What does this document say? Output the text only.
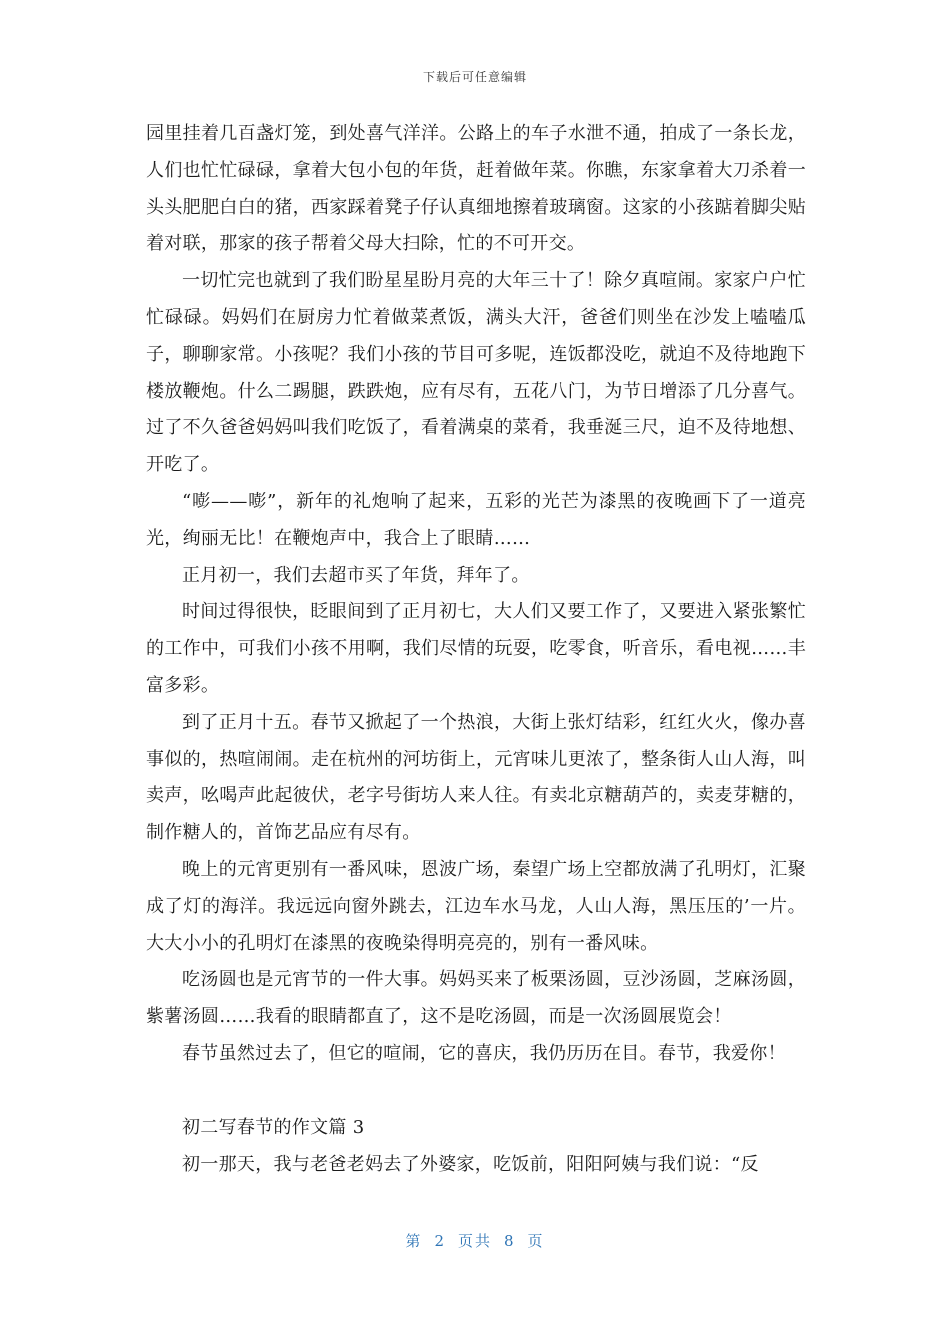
下载后可任意编辑

园里挂着几百盏灯笼，到处喜气洋洋。公路上的车子水泄不通，拍成了一条长龙，人们也忙忙碌碌，拿着大包小包的年货，赶着做年菜。你瞧，东家拿着大刀杀着一头头肥肥白白的猪，西家踩着凳子仔认真细地擦着玻璃窗。这家的小孩踮着脚尖贴着对联，那家的孩子帮着父母大扫除，忙的不可开交。

一切忙完也就到了我们盼星星盼月亮的大年三十了！除夕真喧闹。家家户户忙忙碌碌。妈妈们在厨房力忙着做菜煮饭，满头大汗，爸爸们则坐在沙发上嗑嗑瓜子，聊聊家常。小孩呢？我们小孩的节目可多呢，连饭都没吃，就迫不及待地跑下楼放鞭炮。什么二踢腿，跌跌炮，应有尽有，五花八门，为节日增添了几分喜气。过了不久爸爸妈妈叫我们吃饭了，看着满桌的菜肴，我垂涎三尺，迫不及待地想、开吃了。

“嘭——嘭”，新年的礼炮响了起来，五彩的光芒为漆黑的夜晚画下了一道亮光，绚丽无比！在鞭炮声中，我合上了眼睛……

正月初一，我们去超市买了年货，拜年了。

时间过得很快，眨眼间到了正月初七，大人们又要工作了，又要进入紧张繁忙的工作中，可我们小孩不用啊，我们尽情的玩耍，吃零食，听音乐，看电视……丰富多彩。

到了正月十五。春节又掀起了一个热浪，大街上张灯结彩，红红火火，像办喜事似的，热喧闹闹。走在杭州的河坊街上，元宵味儿更浓了，整条街人山人海，叫卖声，吆喝声此起彼伏，老字号街坊人来人往。有卖北京糖葫芦的，卖麦芽糖的，制作糖人的，首饰艺品应有尽有。

晚上的元宵更别有一番风味，恩波广场，秦望广场上空都放满了孔明灯，汇聚成了灯的海洋。我远远向窗外跳去，江边车水马龙，人山人海，黑压压的’一片。大大小小的孔明灯在漆黑的夜晚染得明亮亮的，别有一番风味。

吃汤圆也是元宵节的一件大事。妈妈买来了板栗汤圆，豆沙汤圆，芝麻汤圆，紫薯汤圆……我看的眼睛都直了，这不是吃汤圆，而是一次汤圆展览会！

春节虽然过去了，但它的喧闹，它的喜庆，我仍历历在目。春节，我爱你！

初二写春节的作文篇 3

初一那天，我与老爸老妈去了外婆家，吃饭前，阳阳阿姨与我们说：“反

第 2 页共 8 页
